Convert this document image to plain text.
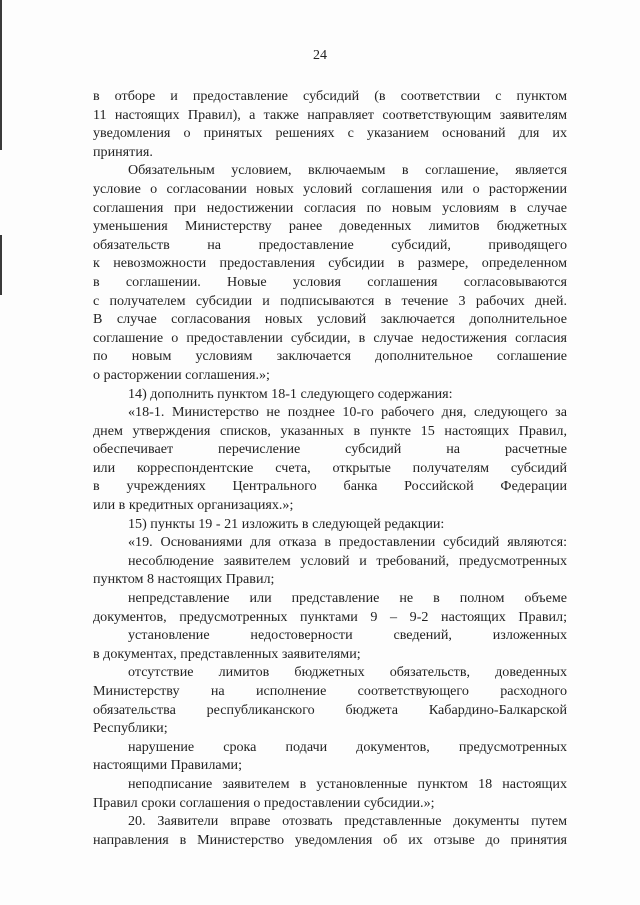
24
в отборе и предоставление субсидий (в соответствии с пунктом
11 настоящих Правил), а также направляет соответствующим заявителям
уведомления о принятых решениях с указанием оснований для их
принятия.
Обязательным условием, включаемым в соглашение, является
условие о согласовании новых условий соглашения или о расторжении
соглашения при недостижении согласия по новым условиям в случае
уменьшения Министерству ранее доведенных лимитов бюджетных
обязательств на предоставление субсидий, приводящего
к невозможности предоставления субсидии в размере, определенном
в соглашении. Новые условия соглашения согласовываются
с получателем субсидии и подписываются в течение 3 рабочих дней.
В случае согласования новых условий заключается дополнительное
соглашение о предоставлении субсидии, в случае недостижения согласия
по новым условиям заключается дополнительное соглашение
о расторжении соглашения.»;
14) дополнить пунктом 18-1 следующего содержания:
«18-1. Министерство не позднее 10-го рабочего дня, следующего за
днем утверждения списков, указанных в пункте 15 настоящих Правил,
обеспечивает перечисление субсидий на расчетные
или корреспондентские счета, открытые получателям субсидий
в учреждениях Центрального банка Российской Федерации
или в кредитных организациях.»;
15) пункты 19 - 21 изложить в следующей редакции:
«19. Основаниями для отказа в предоставлении субсидий являются:
несоблюдение заявителем условий и требований, предусмотренных
пунктом 8 настоящих Правил;
непредставление или представление не в полном объеме
документов, предусмотренных пунктами 9 – 9-2 настоящих Правил;
установление недостоверности сведений, изложенных
в документах, представленных заявителями;
отсутствие лимитов бюджетных обязательств, доведенных
Министерству на исполнение соответствующего расходного
обязательства республиканского бюджета Кабардино-Балкарской
Республики;
нарушение срока подачи документов, предусмотренных
настоящими Правилами;
неподписание заявителем в установленные пунктом 18 настоящих
Правил сроки соглашения о предоставлении субсидии.»;
20. Заявители вправе отозвать представленные документы путем
направления в Министерство уведомления об их отзыве до принятия
